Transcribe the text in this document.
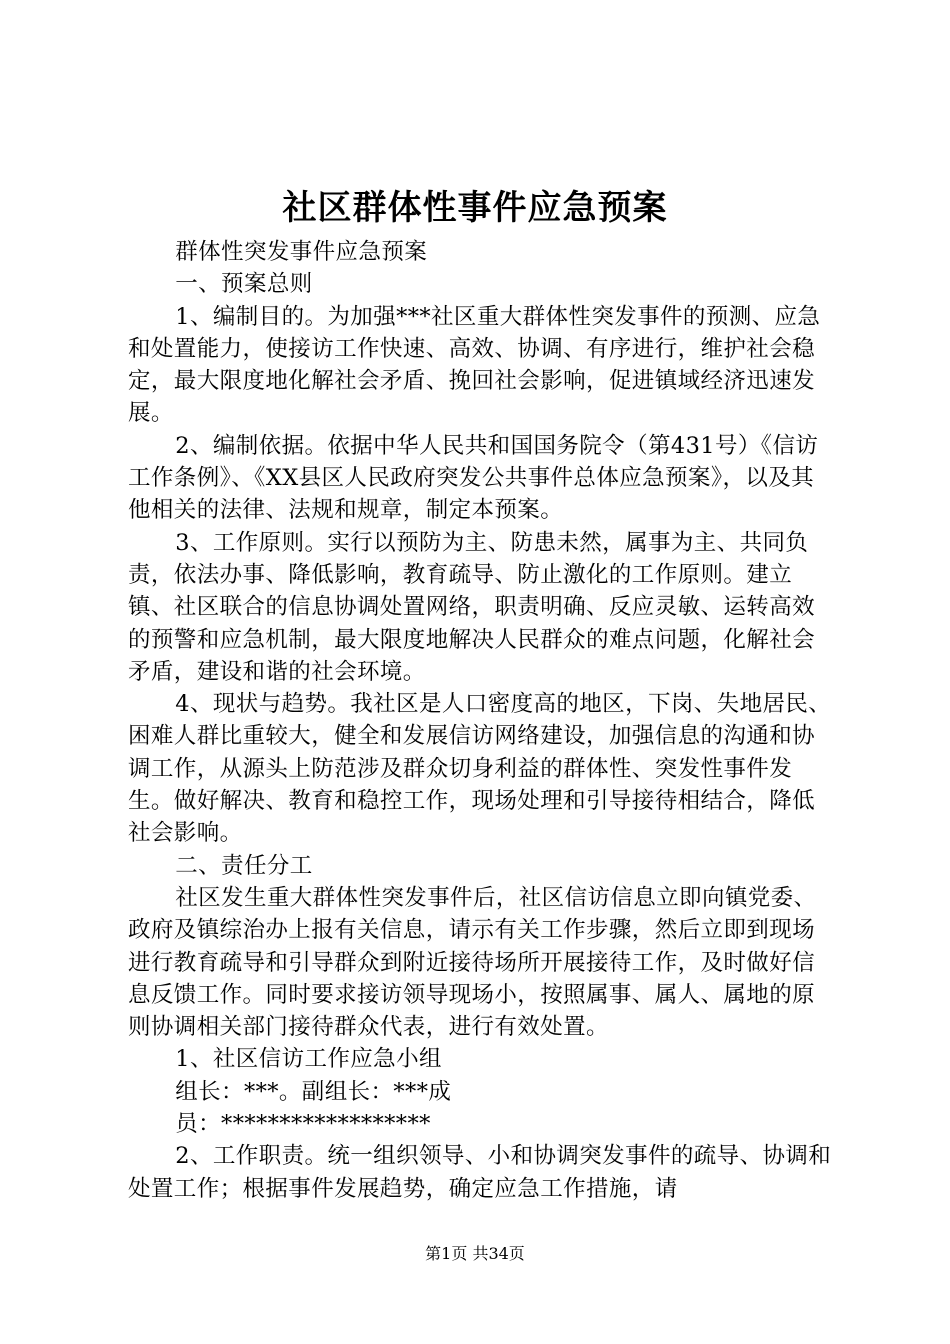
社区群体性事件应急预案

群体性突发事件应急预案

一、预案总则

1、编制目的。为加强***社区重大群体性突发事件的预测、应急和处置能力，使接访工作快速、高效、协调、有序进行，维护社会稳定，最大限度地化解社会矛盾、挽回社会影响，促进镇域经济迅速发展。

2、编制依据。依据中华人民共和国国务院令（第431号）《信访工作条例》、《XX县区人民政府突发公共事件总体应急预案》，以及其他相关的法律、法规和规章，制定本预案。

3、工作原则。实行以预防为主、防患未然，属事为主、共同负责，依法办事、降低影响，教育疏导、防止激化的工作原则。建立镇、社区联合的信息协调处置网络，职责明确、反应灵敏、运转高效的预警和应急机制，最大限度地解决人民群众的难点问题，化解社会矛盾，建设和谐的社会环境。

4、现状与趋势。我社区是人口密度高的地区，下岗、失地居民、困难人群比重较大，健全和发展信访网络建设，加强信息的沟通和协调工作，从源头上防范涉及群众切身利益的群体性、突发性事件发生。做好解决、教育和稳控工作，现场处理和引导接待相结合，降低社会影响。

二、责任分工

社区发生重大群体性突发事件后，社区信访信息立即向镇党委、政府及镇综治办上报有关信息，请示有关工作步骤，然后立即到现场进行教育疏导和引导群众到附近接待场所开展接待工作，及时做好信息反馈工作。同时要求接访领导现场小，按照属事、属人、属地的原则协调相关部门接待群众代表，进行有效处置。

1、社区信访工作应急小组

组长：***。副组长：***成

员：******************

2、工作职责。统一组织领导、小和协调突发事件的疏导、协调和处置工作；根据事件发展趋势，确定应急工作措施，请

第1页 共34页
